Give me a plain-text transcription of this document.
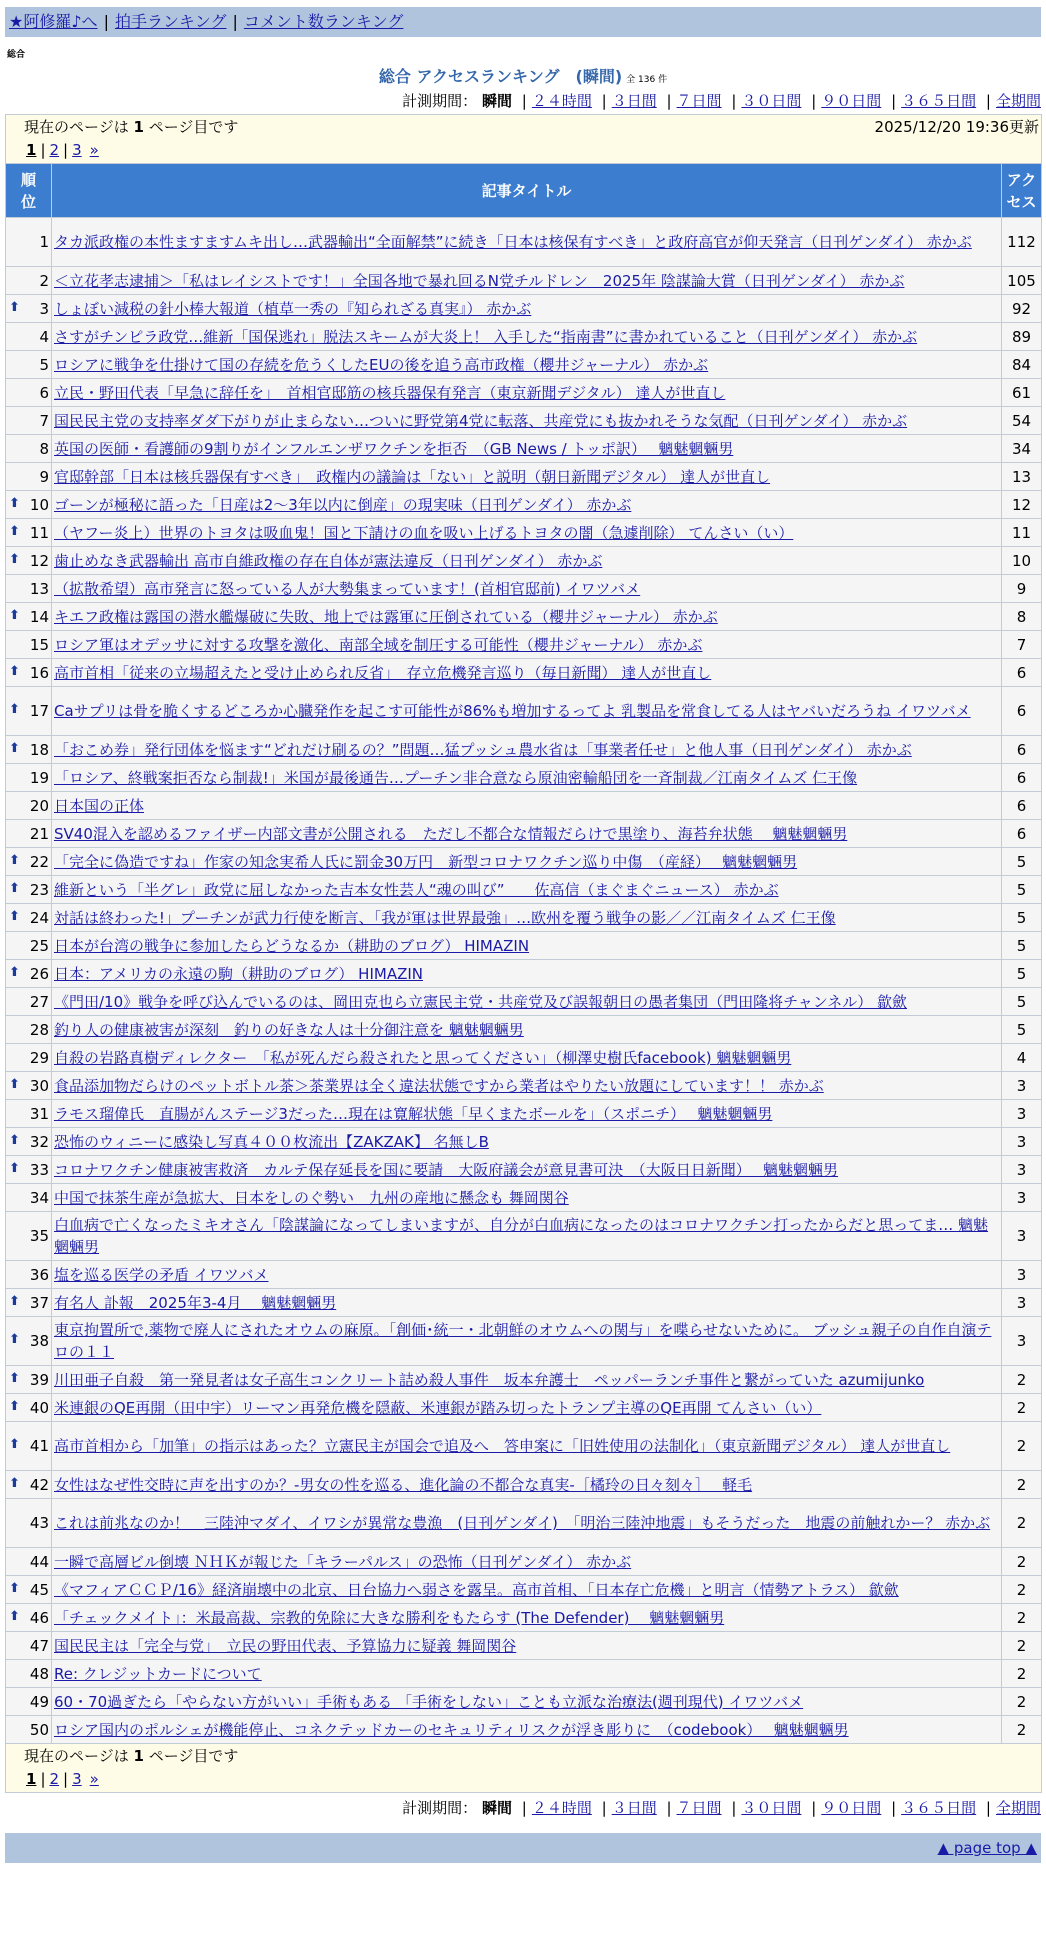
★阿修羅♪へ | 拍手ランキング | コメント数ランキング
総合
総合 アクセスランキング　(瞬間) 全 136 件
計測期間： 瞬間 | ２４時間 | ３日間 | ７日間 | ３０日間 | ９０日間 | ３６５日間 | 全期間
現在のページは 1 ページ目です 2025/12/20 19:36更新
1 | 2 | 3 »		

順位	記事タイトル	アクセス

1	タカ派政権の本性ますますムキ出し…武器輸出“全面解禁”に続き「日本は核保有すべき」と政府高官が仰天発言（日刊ゲンダイ） 赤かぶ	112
2	＜立花孝志逮捕＞「私はレイシストです！」全国各地で暴れ回るN党チルドレン　2025年 陰謀論大賞（日刊ゲンダイ） 赤かぶ	105

⬆ 3	しょぼい減税の針小棒大報道（植草一秀の『知られざる真実』） 赤かぶ	92
4	さすがチンピラ政党…維新「国保逃れ」脱法スキームが大炎上！ 入手した“指南書”に書かれていること（日刊ゲンダイ） 赤かぶ	89
5	ロシアに戦争を仕掛けて国の存続を危うくしたEUの後を追う高市政権（櫻井ジャーナル） 赤かぶ	84
6	立民・野田代表「早急に辞任を」　首相官邸筋の核兵器保有発言（東京新聞デジタル） 達人が世直し	61
7	国民民主党の支持率ダダ下がりが止まらない…ついに野党第4党に転落、共産党にも抜かれそうな気配（日刊ゲンダイ） 赤かぶ	54
8	英国の医師・看護師の9割りがインフルエンザワクチンを拒否　（GB News / トッポ訳）　 魑魅魍魎男	34
9	官邸幹部「日本は核兵器保有すべき」　政権内の議論は「ない」と説明（朝日新聞デジタル） 達人が世直し	13

⬆ 10	ゴーンが極秘に語った「日産は2〜3年以内に倒産」の現実味（日刊ゲンダイ） 赤かぶ	12

⬆ 11	（ヤフー炎上）世界のトヨタは吸血鬼！国と下請けの血を吸い上げるトヨタの闇（急遽削除） てんさい（い）	11

⬆ 12	歯止めなき武器輸出 高市自維政権の存在自体が憲法違反（日刊ゲンダイ） 赤かぶ	10
13	（拡散希望）高市発言に怒っている人が大勢集まっています！(首相官邸前) イワツバメ	9

⬆ 14	キエフ政権は露国の潜水艦爆破に失敗、地上では露軍に圧倒されている（櫻井ジャーナル） 赤かぶ	8
15	ロシア軍はオデッサに対する攻撃を激化、南部全域を制圧する可能性（櫻井ジャーナル） 赤かぶ	7

⬆ 16	高市首相「従来の立場超えたと受け止められ反省」　存立危機発言巡り（毎日新聞） 達人が世直し	6

⬆ 17	Caサプリは骨を脆くするどころか心臓発作を起こす可能性が86%も増加するってよ 乳製品を常食してる人はヤバいだろうね イワツバメ	6

⬆ 18	「おこめ券」発行団体を悩ます“どれだけ刷るの？”問題…猛プッシュ農水省は「事業者任せ」と他人事（日刊ゲンダイ） 赤かぶ	6
19	「ロシア、終戦案拒否なら制裁!」米国が最後通告…プーチン非合意なら原油密輸船団を一斉制裁／江南タイムズ 仁王像	6
20	日本国の正体	6
21	SV40混入を認めるファイザー内部文書が公開される　ただし不都合な情報だらけで黒塗り、海苔弁状態　 魑魅魍魎男	6

⬆ 22	「完全に偽造ですね」作家の知念実希人氏に罰金30万円　新型コロナワクチン巡り中傷　（産経）　 魑魅魍魎男	5

⬆ 23	維新という「半グレ」政党に屈しなかった吉本女性芸人“魂の叫び”　　佐高信（まぐまぐニュース） 赤かぶ	5

⬆ 24	対話は終わった!」プーチンが武力行使を断言、「我が軍は世界最強」…欧州を覆う戦争の影／／江南タイムズ 仁王像	5
25	日本が台湾の戦争に参加したらどうなるか（耕助のブログ） HIMAZIN	5

⬆ 26	日本：アメリカの永遠の駒（耕助のブログ） HIMAZIN	5
27	《門田/10》戦争を呼び込んでいるのは、岡田克也ら立憲民主党・共産党及び誤報朝日の愚者集団（門田隆将チャンネル） 歙歛	5
28	釣り人の健康被害が深刻　釣りの好きな人は十分御注意を 魑魅魍魎男	5
29	自殺の岩路真樹ディレクター　「私が死んだら殺されたと思ってください」（柳澤史樹氏facebook) 魑魅魍魎男	4

⬆ 30	食品添加物だらけのペットボトル茶＞茶業界は全く違法状態ですから業者はやりたい放題にしています！！ 赤かぶ	3
31	ラモス瑠偉氏　直腸がんステージ3だった…現在は寛解状態「早くまたボールを」（スポニチ）　 魑魅魍魎男	3

⬆ 32	恐怖のウィニーに感染し写真４００枚流出【ZAKZAK】 名無しB	3

⬆ 33	コロナワクチン健康被害救済　カルテ保存延長を国に要請　大阪府議会が意見書可決　（大阪日日新聞）　 魑魅魍魎男	3
34	中国で抹茶生産が急拡大、日本をしのぐ勢い　九州の産地に懸念も 舞岡関谷	3
35	白血病で亡くなったミキオさん「陰謀論になってしまいますが、自分が白血病になったのはコロナワクチン打ったからだと思ってま… 魑魅魍魎男	3
36	塩を巡る医学の矛盾 イワツバメ	3

⬆ 37	有名人 訃報　2025年3-4月　 魑魅魍魎男	3

⬆ 38	東京拘置所で,薬物で廃人にされたオウムの麻原。「創価･統一・北朝鮮のオウムへの関与」を喋らせないために。 ブッシュ親子の自作自演テロの１１	3

⬆ 39	川田亜子自殺　第一発見者は女子高生コンクリート詰め殺人事件　坂本弁護士　ペッパーランチ事件と繋がっていた azumijunko	2

⬆ 40	米連銀のQE再開（田中宇）リーマン再発危機を隠蔽、米連銀が踏み切ったトランプ主導のQE再開 てんさい（い）	2

⬆ 41	高市首相から「加筆」の指示はあった？立憲民主が国会で追及へ　答申案に「旧姓使用の法制化」（東京新聞デジタル） 達人が世直し	2

⬆ 42	女性はなぜ性交時に声を出すのか？-男女の性を巡る、進化論の不都合な真実-［橘玲の日々刻々］　 軽毛	2
43	これは前兆なのか！　三陸沖マダイ、イワシが異常な豊漁　(日刊ゲンダイ)　「明治三陸沖地震」もそうだった　地震の前触れかー？ 赤かぶ	2
44	一瞬で高層ビル倒壊 ＮＨＫが報じた「キラーパルス」の恐怖（日刊ゲンダイ） 赤かぶ	2

⬆ 45	《マフィアＣＣＰ/16》経済崩壊中の北京、日台協力へ弱さを露呈。高市首相、「日本存亡危機」と明言（情勢アトラス） 歙歛	2

⬆ 46	「チェックメイト」：米最高裁、宗教的免除に大きな勝利をもたらす (The Defender)　 魑魅魍魎男	2
47	国民民主は「完全与党」　立民の野田代表、予算協力に疑義 舞岡関谷	2
48	Re: クレジットカードについて	2
49	60・70過ぎたら「やらない方がいい」手術もある 「手術をしない」ことも立派な治療法(週刊現代) イワツバメ	2
50	ロシア国内のポルシェが機能停止、コネクテッドカーのセキュリティリスクが浮き彫りに　（codebook）　 魑魅魍魎男	2

現在のページは 1 ページ目です
1 | 2 | 3 »		
計測期間： 瞬間 | ２４時間 | ３日間 | ７日間 | ３０日間 | ９０日間 | ３６５日間 | 全期間
▲ page top ▲
